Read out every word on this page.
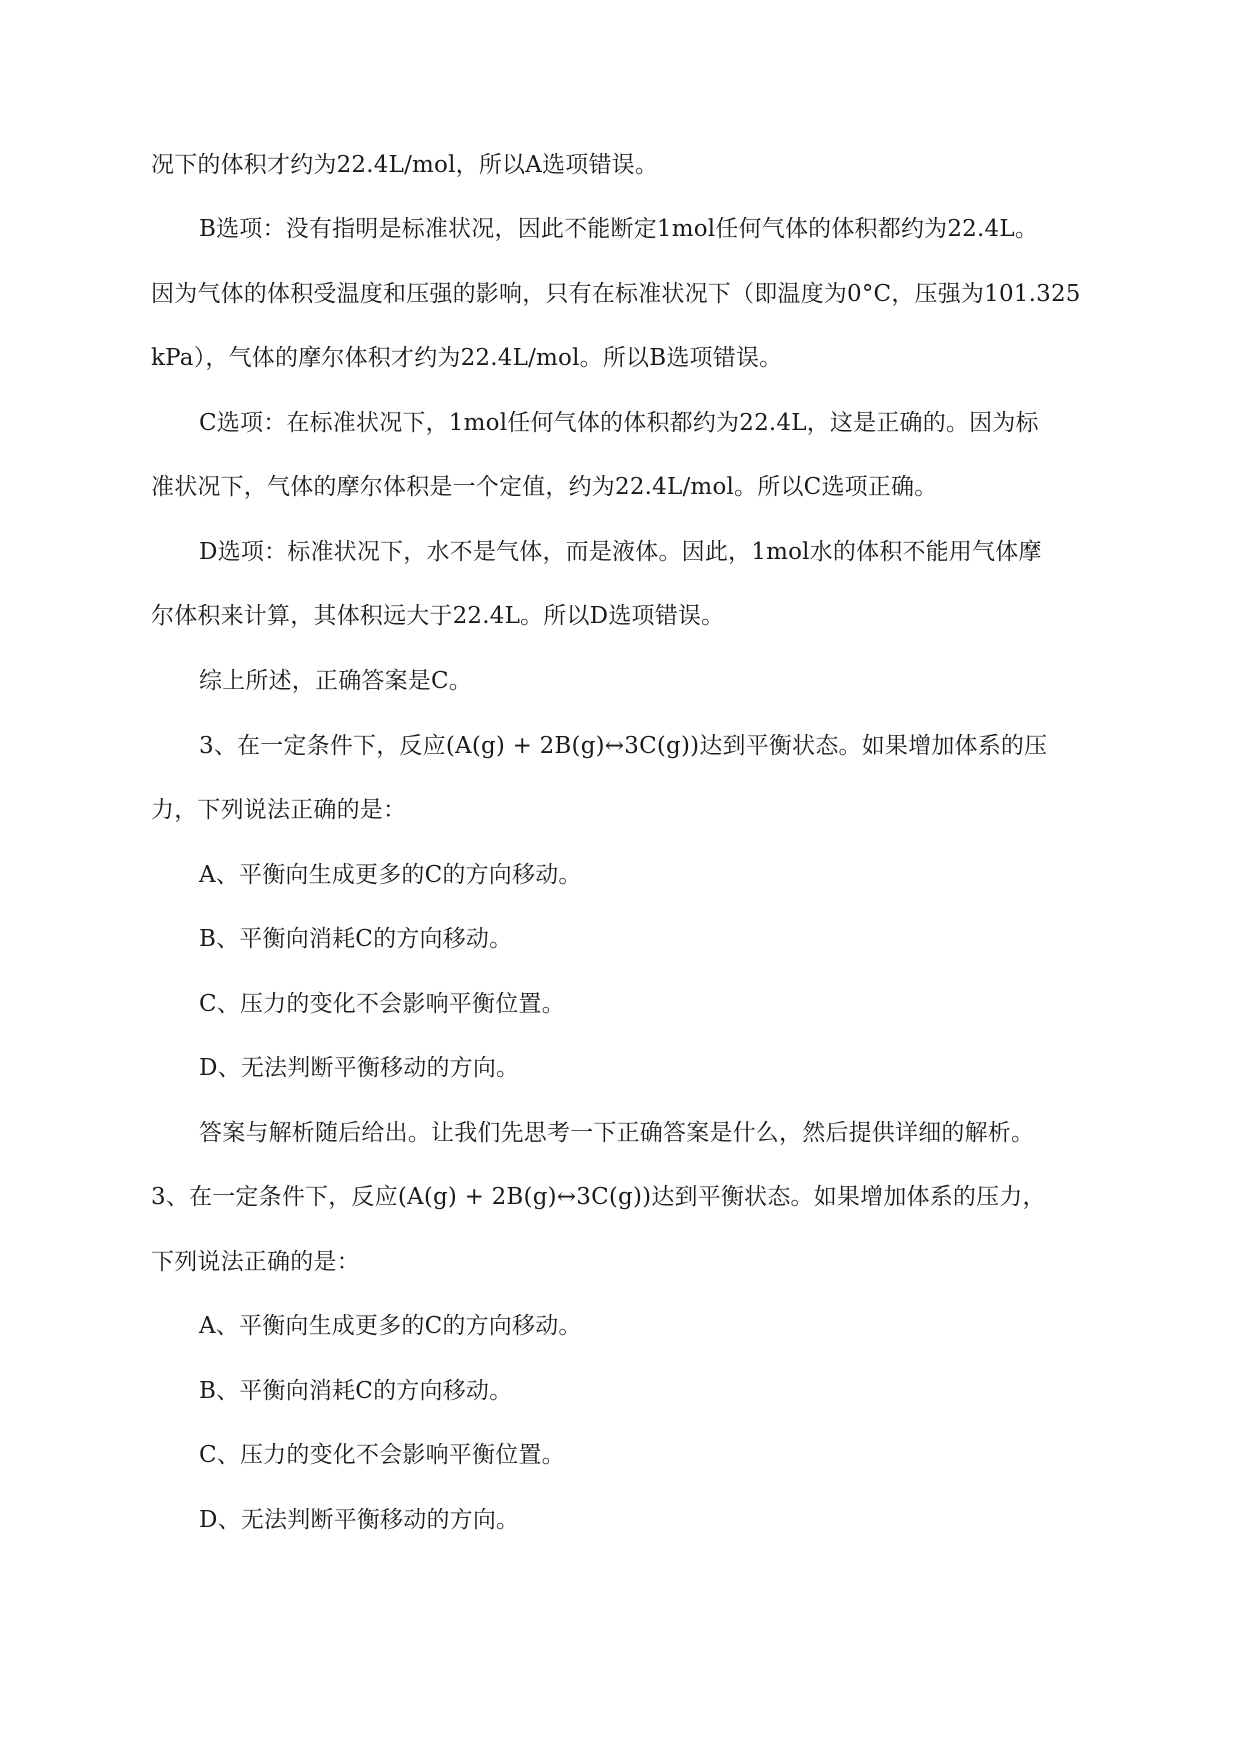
况下的体积才约为22.4L/mol，所以A选项错误。
B选项：没有指明是标准状况，因此不能断定1mol任何气体的体积都约为22.4L。
因为气体的体积受温度和压强的影响，只有在标准状况下（即温度为0°C，压强为101.325
kPa），气体的摩尔体积才约为22.4L/mol。所以B选项错误。
C选项：在标准状况下，1mol任何气体的体积都约为22.4L，这是正确的。因为标
准状况下，气体的摩尔体积是一个定值，约为22.4L/mol。所以C选项正确。
D选项：标准状况下，水不是气体，而是液体。因此，1mol水的体积不能用气体摩
尔体积来计算，其体积远大于22.4L。所以D选项错误。
综上所述，正确答案是C。
3、在一定条件下，反应(A(g) + 2B(g)↔3C(g))达到平衡状态。如果增加体系的压
力，下列说法正确的是：
A、平衡向生成更多的C的方向移动。
B、平衡向消耗C的方向移动。
C、压力的变化不会影响平衡位置。
D、无法判断平衡移动的方向。
答案与解析随后给出。让我们先思考一下正确答案是什么，然后提供详细的解析。
3、在一定条件下，反应(A(g) + 2B(g)↔3C(g))达到平衡状态。如果增加体系的压力，
下列说法正确的是：
A、平衡向生成更多的C的方向移动。
B、平衡向消耗C的方向移动。
C、压力的变化不会影响平衡位置。
D、无法判断平衡移动的方向。
